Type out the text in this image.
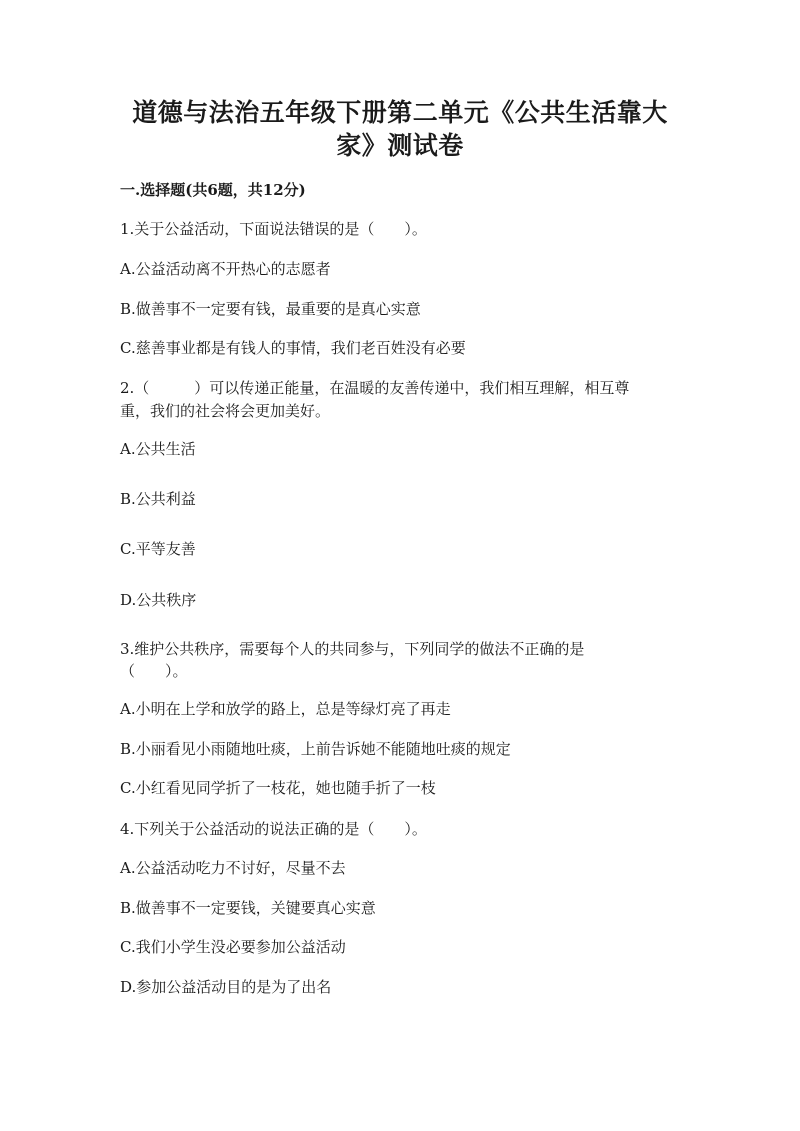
道德与法治五年级下册第二单元《公共生活靠大
家》测试卷
一.选择题(共6题，共12分)
1.关于公益活动，下面说法错误的是（　　）。
A.公益活动离不开热心的志愿者
B.做善事不一定要有钱，最重要的是真心实意
C.慈善事业都是有钱人的事情，我们老百姓没有必要
2.（　　　）可以传递正能量，在温暖的友善传递中，我们相互理解，相互尊
重，我们的社会将会更加美好。
A.公共生活
B.公共利益
C.平等友善
D.公共秩序
3.维护公共秩序，需要每个人的共同参与，下列同学的做法不正确的是
（　　）。
A.小明在上学和放学的路上，总是等绿灯亮了再走
B.小丽看见小雨随地吐痰，上前告诉她不能随地吐痰的规定
C.小红看见同学折了一枝花，她也随手折了一枝
4.下列关于公益活动的说法正确的是（　　）。
A.公益活动吃力不讨好，尽量不去
B.做善事不一定要钱，关键要真心实意
C.我们小学生没必要参加公益活动
D.参加公益活动目的是为了出名
